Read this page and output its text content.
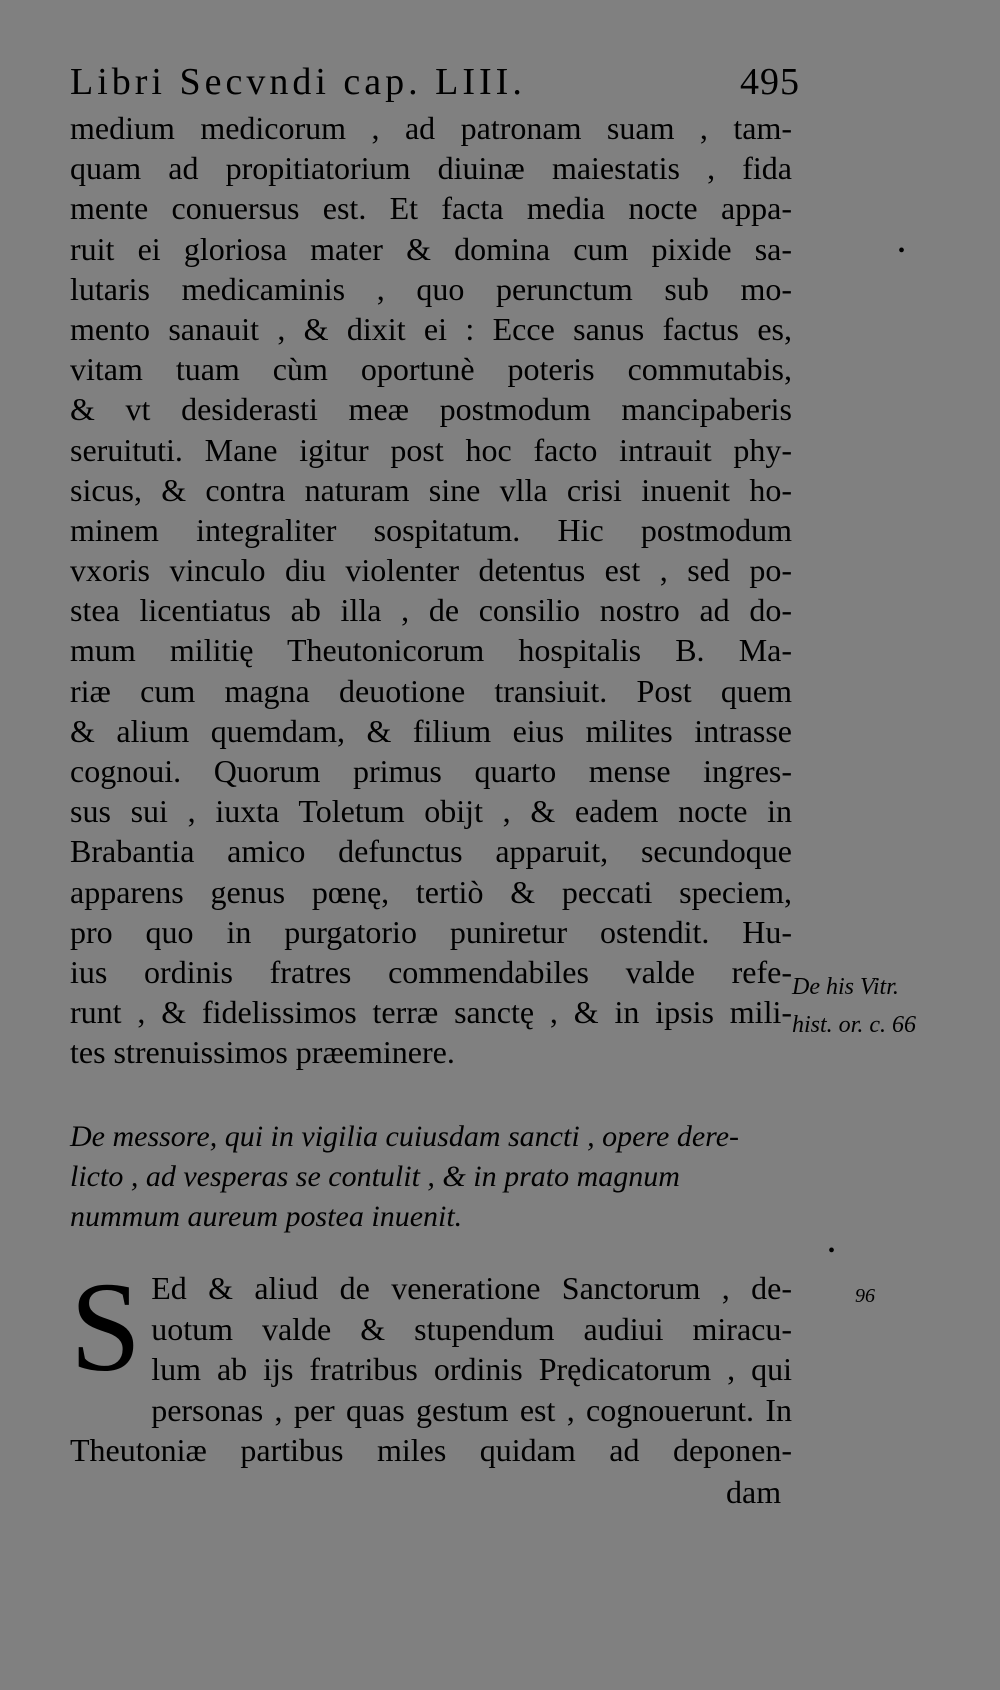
Libri Secvndi cap. LIII.	495
medium medicorum , ad patronam suam , tam-
quam ad propitiatorium diuinæ maiestatis , fida
mente conuersus est. Et facta media nocte appa-
ruit ei gloriosa mater & domina cum pixide sa-
lutaris medicaminis , quo perunctum sub mo-
mento sanauit , & dixit ei : Ecce sanus factus es,
vitam tuam cùm oportunè poteris commutabis,
& vt desiderasti meæ postmodum mancipaberis
seruituti. Mane igitur post hoc facto intrauit phy-
sicus, & contra naturam sine vlla crisi inuenit ho-
minem integraliter sospitatum. Hic postmodum
vxoris vinculo diu violenter detentus est , sed po-
stea licentiatus ab illa , de consilio nostro ad do-
mum militię Theutonicorum hospitalis B. Ma-
riæ cum magna deuotione transiuit. Post quem
& alium quemdam, & filium eius milites intrasse
cognoui. Quorum primus quarto mense ingres-
sus sui , iuxta Toletum obijt , & eadem nocte in
Brabantia amico defunctus apparuit, secundoque
apparens genus pœnę, tertiò & peccati speciem,
pro quo in purgatorio puniretur ostendit. Hu-
ius ordinis fratres commendabiles valde refe-
runt , & fidelissimos terræ sanctę , & in ipsis mili-
tes strenuissimos præeminere.
De his Vitr.
hist. or. c. 66
•
•
De messore, qui in vigilia cuiusdam sancti , opere dere-
licto , ad vesperas se contulit , & in prato magnum
nummum aureum postea inuenit.
S Ed & aliud de veneratione Sanctorum , de-
uotum valde & stupendum audiui miracu-
lum ab ijs fratribus ordinis Prędicatorum , qui
personas , per quas gestum est , cognouerunt. In
Theutoniæ partibus miles quidam ad deponen-
96
dam
